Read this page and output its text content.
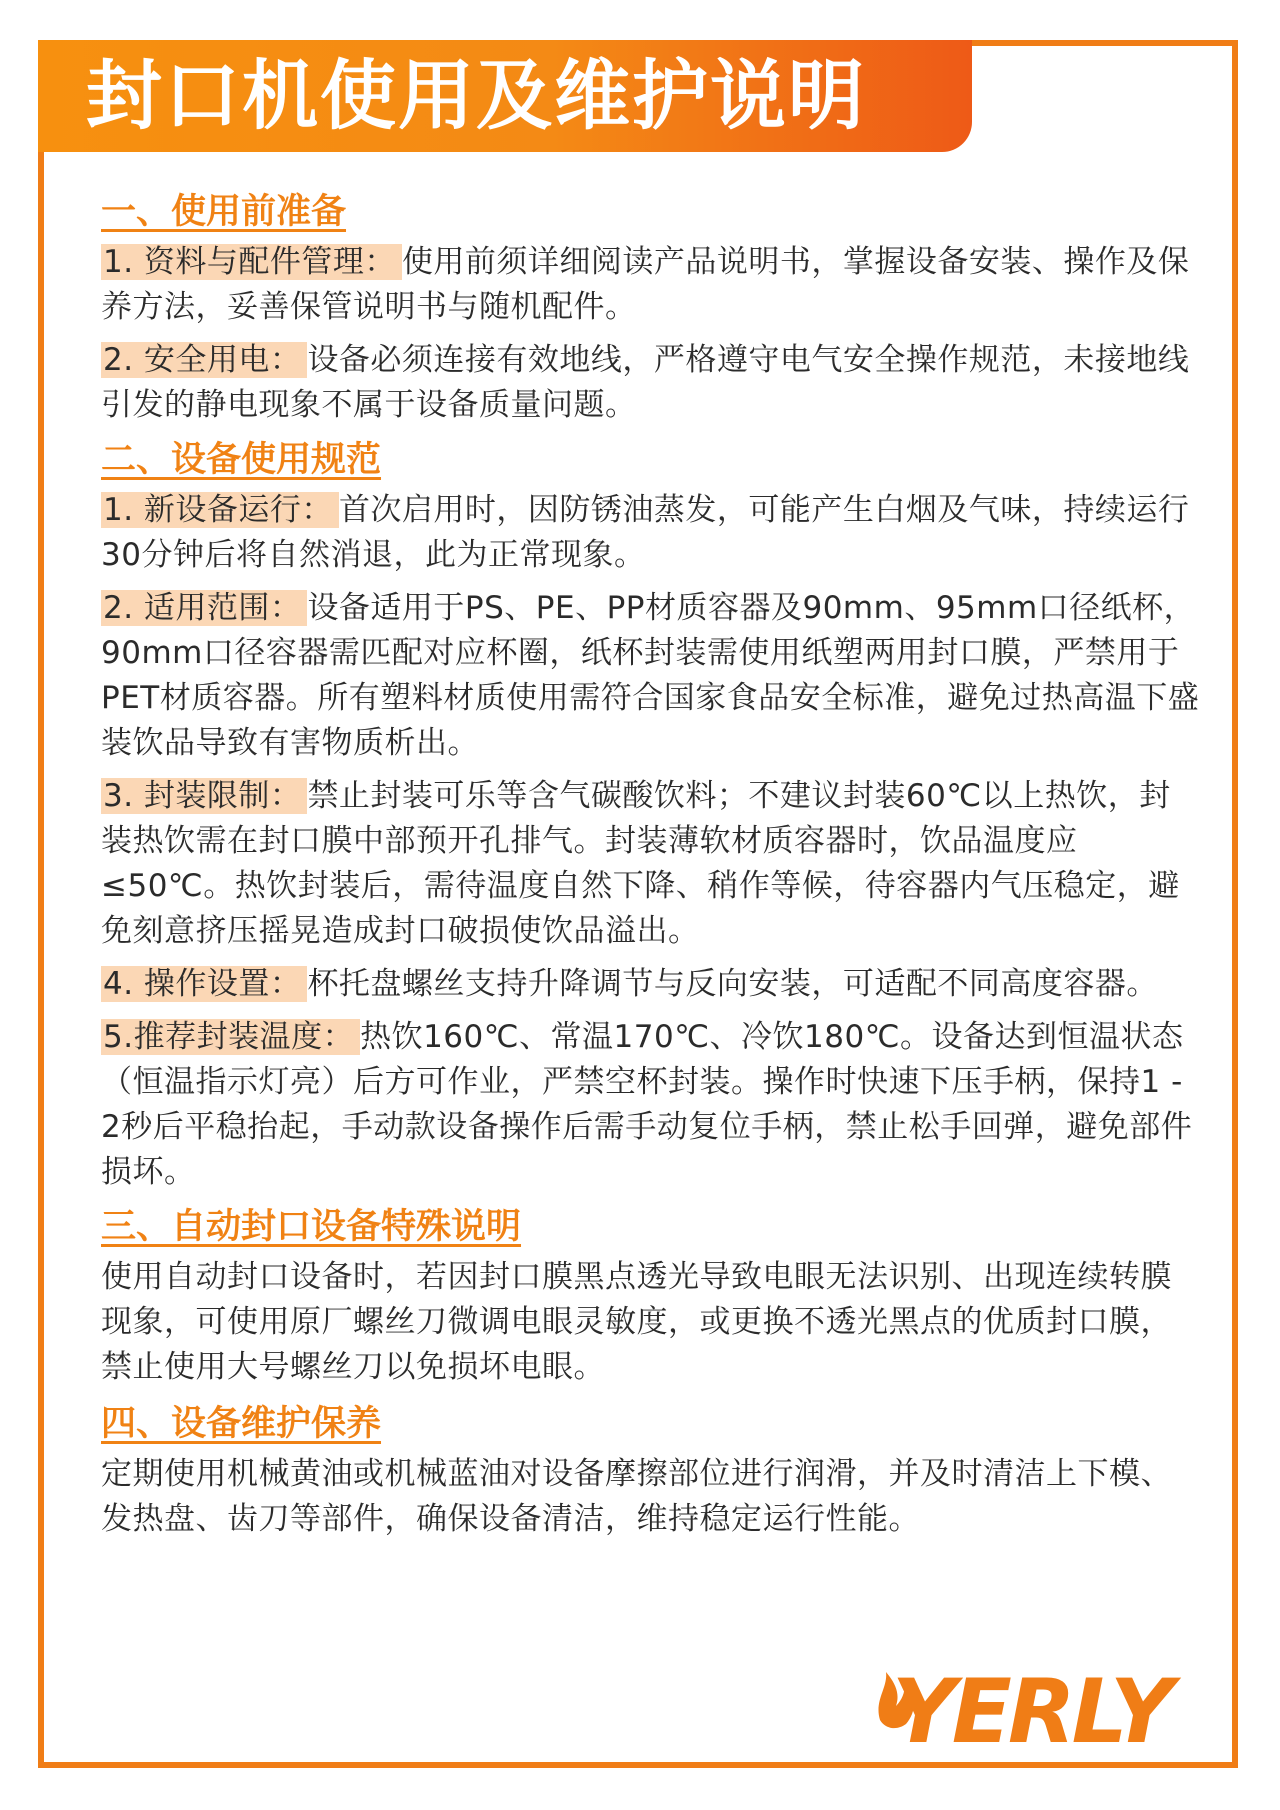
封口机使用及维护说明

一、使用前准备

1. 资料与配件管理： 使用前须详细阅读产品说明书，掌握设备安装、操作及保养方法，妥善保管说明书与随机配件。

2. 安全用电： 设备必须连接有效地线，严格遵守电气安全操作规范，未接地线引发的静电现象不属于设备质量问题。

二、设备使用规范

1. 新设备运行： 首次启用时，因防锈油蒸发，可能产生白烟及气味，持续运行30分钟后将自然消退，此为正常现象。

2. 适用范围： 设备适用于PS、PE、PP材质容器及90mm、95mm口径纸杯，90mm口径容器需匹配对应杯圈，纸杯封装需使用纸塑两用封口膜，严禁用于PET材质容器。所有塑料材质使用需符合国家食品安全标准，避免过热高温下盛装饮品导致有害物质析出。

3. 封装限制： 禁止封装可乐等含气碳酸饮料；不建议封装60℃以上热饮，封装热饮需在封口膜中部预开孔排气。封装薄软材质容器时，饮品温度应≤50℃。热饮封装后，需待温度自然下降、稍作等候，待容器内气压稳定，避免刻意挤压摇晃造成封口破损使饮品溢出。

4. 操作设置： 杯托盘螺丝支持升降调节与反向安装，可适配不同高度容器。

5.推荐封装温度： 热饮160℃、常温170℃、冷饮180℃。设备达到恒温状态（恒温指示灯亮）后方可作业，严禁空杯封装。操作时快速下压手柄，保持1 - 2秒后平稳抬起，手动款设备操作后需手动复位手柄，禁止松手回弹，避免部件损坏。

三、自动封口设备特殊说明

使用自动封口设备时，若因封口膜黑点透光导致电眼无法识别、出现连续转膜现象，可使用原厂螺丝刀微调电眼灵敏度，或更换不透光黑点的优质封口膜，禁止使用大号螺丝刀以免损坏电眼。

四、设备维护保养

定期使用机械黄油或机械蓝油对设备摩擦部位进行润滑，并及时清洁上下模、发热盘、齿刀等部件，确保设备清洁，维持稳定运行性能。

YERLY
